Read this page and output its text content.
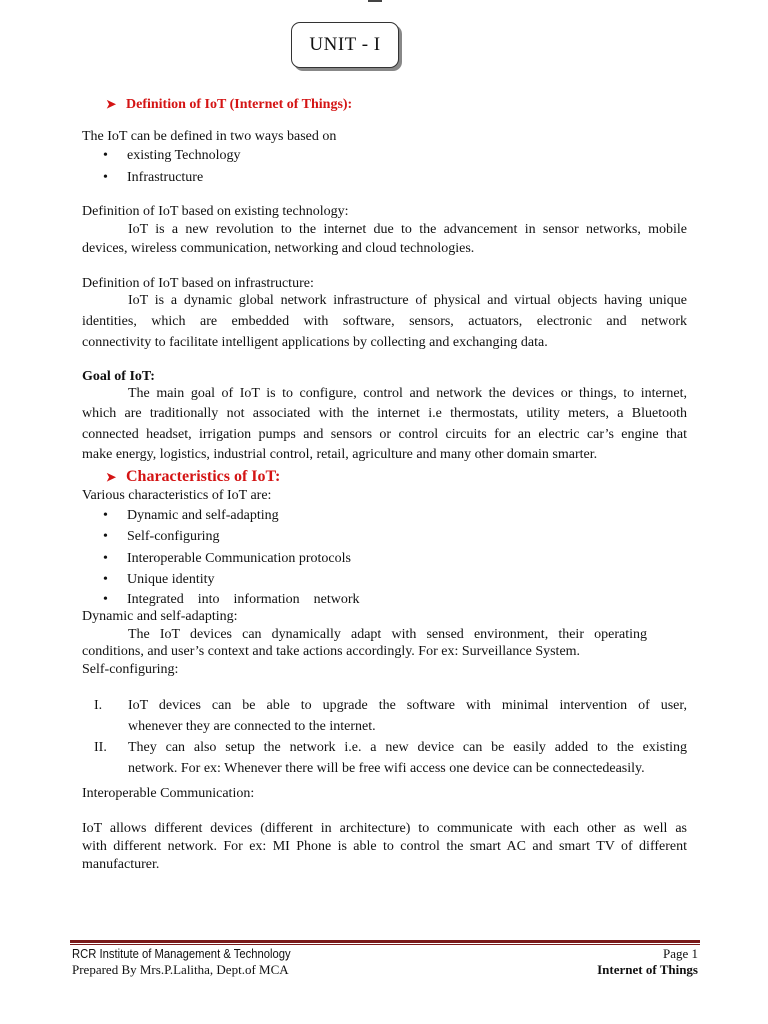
UNIT - I
➤ Definition of IoT (Internet of Things):
The IoT can be defined in two ways based on
• existing Technology
• Infrastructure
Definition of IoT based on existing technology:
IoT is a new revolution to the internet due to the advancement in sensor networks, mobile
devices, wireless communication, networking and cloud technologies.
Definition of IoT based on infrastructure:
IoT is a dynamic global network infrastructure of physical and virtual objects having unique
identities, which are embedded with software, sensors, actuators, electronic and network
connectivity to facilitate intelligent applications by collecting and exchanging data.
Goal of IoT:
The main goal of IoT is to configure, control and network the devices or things, to internet,
which are traditionally not associated with the internet i.e thermostats, utility meters, a Bluetooth
connected headset, irrigation pumps and sensors or control circuits for an electric car’s engine that
make energy, logistics, industrial control, retail, agriculture and many other domain smarter.
➤ Characteristics of IoT:
Various characteristics of IoT are:
• Dynamic and self-adapting
• Self-configuring
• Interoperable Communication protocols
• Unique identity
• Integrated    into    information    network
Dynamic and self-adapting:
The IoT devices can dynamically adapt with sensed environment, their operating
conditions, and user’s context and take actions accordingly. For ex: Surveillance System.
Self-configuring:
I. IoT devices can be able to upgrade the software with minimal intervention of user,
whenever they are connected to the internet.
II. They can also setup the network i.e. a new device can be easily added to the existing
network. For ex: Whenever there will be free wifi access one device can be connectedeasily.
Interoperable Communication:
IoT allows different devices (different in architecture) to communicate with each other as well as
with different network. For ex: MI Phone is able to control the smart AC and smart TV of different
manufacturer.
RCR Institute of Management & Technology
Prepared By Mrs.P.Lalitha, Dept.of MCA
Page 1
Internet of Things
